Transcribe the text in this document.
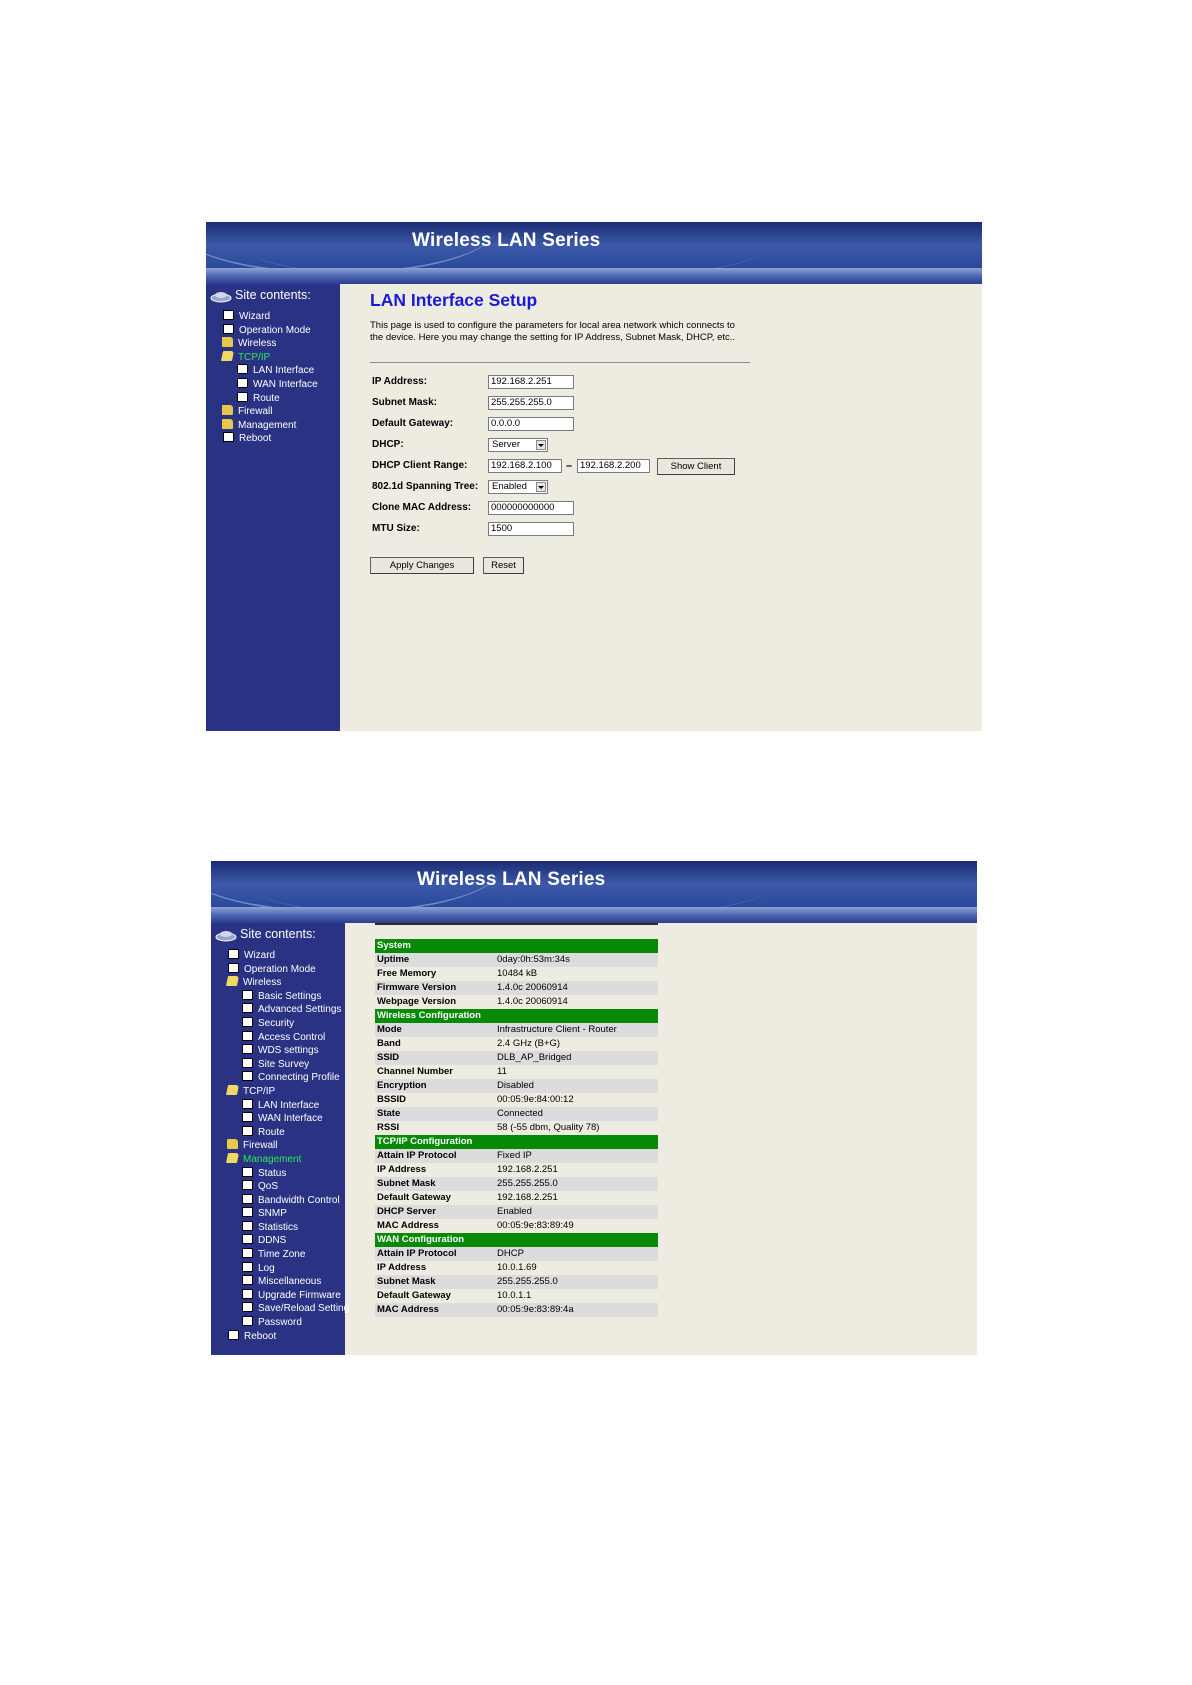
Wireless LAN Series
Site contents:
Wizard
Operation Mode
Wireless
TCP/IP
LAN Interface
WAN Interface
Route
Firewall
Management
Reboot
LAN Interface Setup
This page is used to configure the parameters for local area network which connects to the device. Here you may change the setting for IP Address, Subnet Mask, DHCP, etc..
IP Address:	192.168.2.251
Subnet Mask:	255.255.255.0
Default Gateway:	0.0.0.0
DHCP:	Server
DHCP Client Range:	192.168.2.100	– 192.168.2.200	Show Client
802.1d Spanning Tree:	Enabled
Clone MAC Address:	000000000000
MTU Size:	1500
Apply Changes	Reset
Wireless LAN Series
Site contents:
Wizard
Operation Mode
Wireless
Basic Settings
Advanced Settings
Security
Access Control
WDS settings
Site Survey
Connecting Profile
TCP/IP
LAN Interface
WAN Interface
Route
Firewall
Management
Status
QoS
Bandwidth Control
SNMP
Statistics
DDNS
Time Zone
Log
Miscellaneous
Upgrade Firmware
Save/Reload Setting
Password
Reboot
System	
Uptime	0day:0h:53m:34s
Free Memory	10484 kB
Firmware Version	1.4.0c 20060914
Webpage Version	1.4.0c 20060914
Wireless Configuration	
Mode	Infrastructure Client - Router
Band	2.4 GHz (B+G)
SSID	DLB_AP_Bridged
Channel Number	11
Encryption	Disabled
BSSID	00:05:9e:84:00:12
State	Connected
RSSI	58 (-55 dbm, Quality 78)
TCP/IP Configuration	
Attain IP Protocol	Fixed IP
IP Address	192.168.2.251
Subnet Mask	255.255.255.0
Default Gateway	192.168.2.251
DHCP Server	Enabled
MAC Address	00:05:9e:83:89:49
WAN Configuration	
Attain IP Protocol	DHCP
IP Address	10.0.1.69
Subnet Mask	255.255.255.0
Default Gateway	10.0.1.1
MAC Address	00:05:9e:83:89:4a
